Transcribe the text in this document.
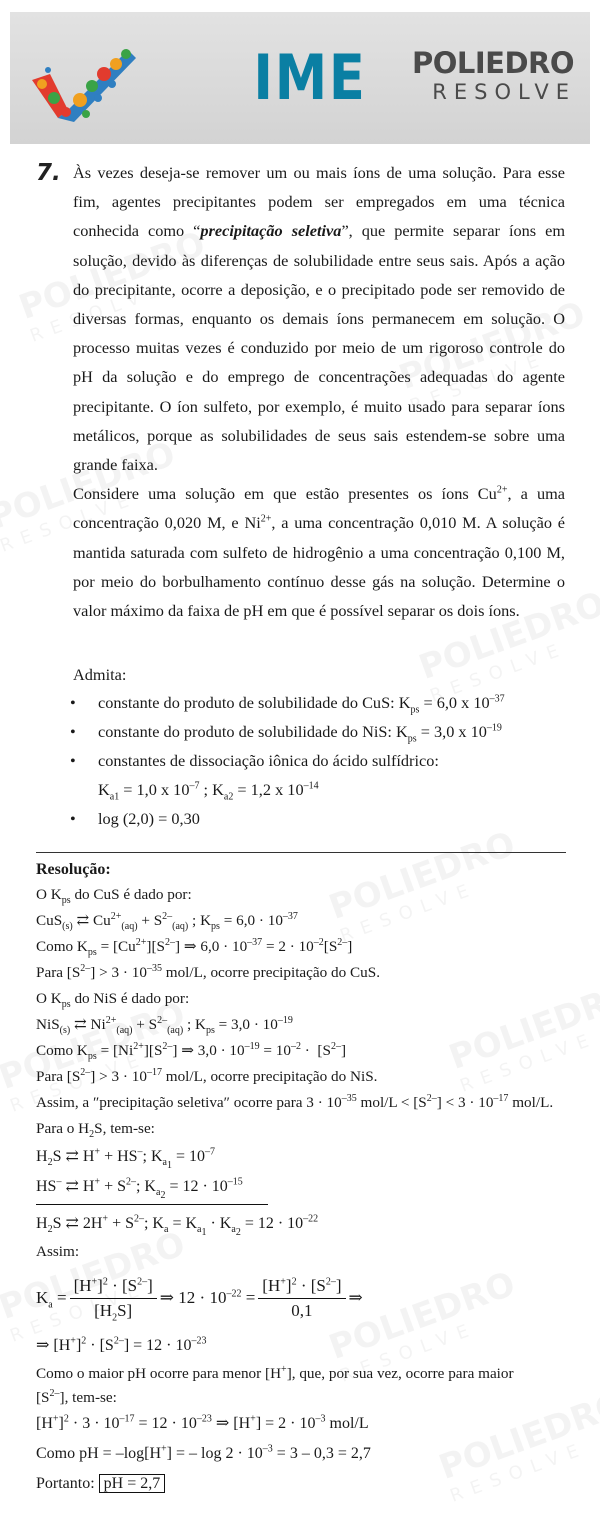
IME POLIEDRO
RESOLVE
7. Às vezes deseja-se remover um ou mais íons de uma solução. Para esse fim, agentes precipitantes podem ser empregados em uma técnica conhecida como “precipitação seletiva”, que permite separar íons em solução, devido às diferenças de solubilidade entre seus sais. Após a ação do precipitante, ocorre a deposição, e o precipitado pode ser removido de diversas formas, enquanto os demais íons permanecem em solução. O processo muitas vezes é conduzido por meio de um rigoroso controle do pH da solução e do emprego de concentrações adequadas do agente precipitante. O íon sulfeto, por exemplo, é muito usado para separar íons metálicos, porque as solubilidades de seus sais estendem-se sobre uma grande faixa.

Considere uma solução em que estão presentes os íons $Cu^{2+}$, a uma concentração 0,020 M, e $Ni^{2+}$, a uma concentração 0,010 M. A solução é mantida saturada com sulfeto de hidrogênio a uma concentração 0,100 M, por meio do borbulhamento contínuo desse gás na solução. Determine o valor máximo da faixa de pH em que é possível separar os dois íons.

Admita:
• constante do produto de solubilidade do CuS: $K_{ps} = 6,0$ x $10^{-37}$
• constante do produto de solubilidade do NiS: $K_{ps} = 3,0$ x $10^{-19}$
• constantes de dissociação iônica do ácido sulfídrico:
$K_{a1} = 1,0$ x $10^{-7}$ ; $K_{a2} = 1,2$ x $10^{-14}$
• log (2,0) = 0,30
Resolução:
O $K_{ps}$ do CuS é dado por:
CuS$_{(s)}$ ⇄ $Cu^{2+}_{(aq)} + S^{2-}_{(aq)}$ ; $K_{ps} = 6,0 \cdot 10^{-37}$
Como $K_{ps} = [Cu^{2+}][S^{2-}]$ ⇒ $6,0 \cdot 10^{-37} = 2 \cdot 10^{-2}[S^{2-}]$
Para $[S^{2-}] > 3 \cdot 10^{-35}$ mol/L, ocorre precipitação do CuS.
O $K_{ps}$ do NiS é dado por:
NiS$_{(s)}$ ⇄ $Ni^{2+}_{(aq)} + S^{2-}_{(aq)}$ ; $K_{ps} = 3,0 \cdot 10^{-19}$
Como $K_{ps} = [Ni^{2+}][S^{2-}]$ ⇒ $3,0 \cdot 10^{-19} = 10^{-2} \cdot [S^{2-}]$
Para $[S^{2-}] > 3 \cdot 10^{-17}$ mol/L, ocorre precipitação do NiS.
Assim, a ″precipitação seletiva″ ocorre para $3 \cdot 10^{-35}$ $mol/L < [S^{2-}] < 3 \cdot 10^{-17}$ mol/L.
Para o $H_2S$, tem-se:
$H_2S$ ⇄ H+ + HS–; $K_{a_1} = 10^{-7}$
HS– ⇄ $H^+ + S^{2-}$; $K_{a_2} = 12 \cdot 10^{-15}$
$H_2S$ ⇄ $2H^+ + S^{2-}$; $K_a = K_{a_1} \cdot K_{a_2} = 12 \cdot 10^{-22}$
Assim:
$K_a = \frac{[H^+]^2 \cdot [S^{2-}]}{[H_2S]}$ ⇒ $12 \cdot 10^{-22} = \frac{[H^+]^2 \cdot [S^{2-}]}{0,1}$ ⇒
⇒ $[H^+]^2 \cdot [S^{2-}] = 12 \cdot 10^{-23}$
Como o maior pH ocorre para menor [H+], que, por sua vez, ocorre para maior
$[S^{2-}]$, tem-se:
$[H^+]^2 \cdot 3 \cdot 10^{-17} = 12 \cdot 10^{-23}$ ⇒ $[H^+] = 2 \cdot 10^{-3}$ mol/L
Como pH = –log[H+] = – $\log 2 \cdot 10^{-3} = 3 - 0,3 = 2,7$
Portanto: pH = 2,7
